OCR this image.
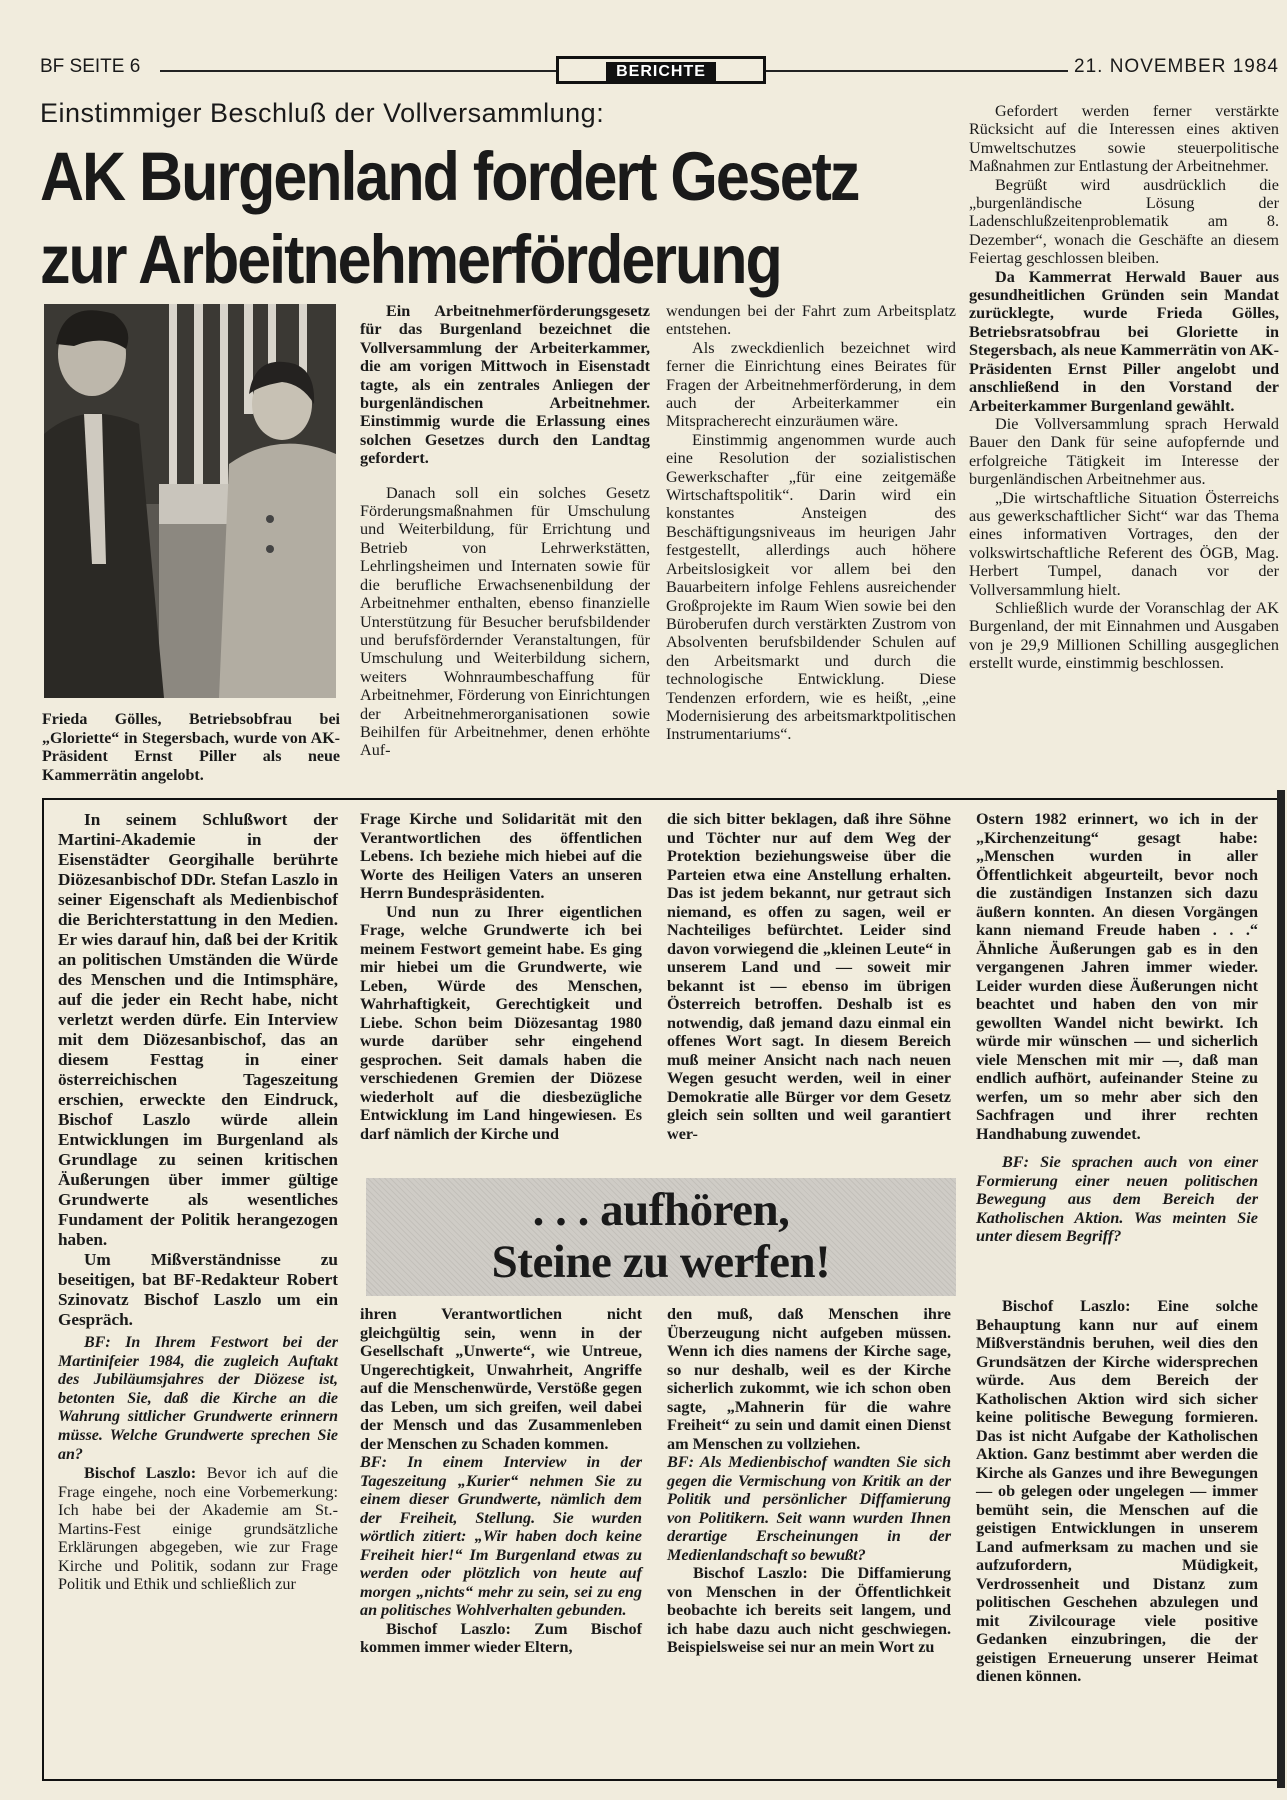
BF SEITE 6	BERICHTE	21. NOVEMBER 1984
Einstimmiger Beschluß der Vollversammlung:
AK Burgenland fordert Gesetz
zur Arbeitnehmerförderung
Frieda Gölles, Betriebsobfrau bei „Gloriette“ in Stegersbach, wurde von AK-Präsident Ernst Piller als neue Kammerrätin angelobt.

Ein Arbeitnehmerförderungsgesetz für das Burgenland bezeichnet die Vollversammlung der Arbeiterkammer, die am vorigen Mittwoch in Eisenstadt tagte, als ein zentrales Anliegen der burgenländischen Arbeitnehmer. Einstimmig wurde die Erlassung eines solchen Gesetzes durch den Landtag gefordert.

Danach soll ein solches Gesetz Förderungsmaßnahmen für Umschulung und Weiterbildung, für Errichtung und Betrieb von Lehrwerkstätten, Lehrlingsheimen und Internaten sowie für die berufliche Erwachsenenbildung der Arbeitnehmer enthalten, ebenso finanzielle Unterstützung für Besucher berufsbildender und berufsfördernder Veranstaltungen, für Umschulung und Weiterbildung sichern, weiters Wohnraumbeschaffung für Arbeitnehmer, Förderung von Einrichtungen der Arbeitnehmerorganisationen sowie Beihilfen für Arbeitnehmer, denen erhöhte Auf-

wendungen bei der Fahrt zum Arbeitsplatz entstehen.

Als zweckdienlich bezeichnet wird ferner die Einrichtung eines Beirates für Fragen der Arbeitnehmerförderung, in dem auch der Arbeiterkammer ein Mitspracherecht einzuräumen wäre.

Einstimmig angenommen wurde auch eine Resolution der sozialistischen Gewerkschafter „für eine zeitgemäße Wirtschaftspolitik“. Darin wird ein konstantes Ansteigen des Beschäftigungsniveaus im heurigen Jahr festgestellt, allerdings auch höhere Arbeitslosigkeit vor allem bei den Bauarbeitern infolge Fehlens ausreichender Großprojekte im Raum Wien sowie bei den Büroberufen durch verstärkten Zustrom von Absolventen berufsbildender Schulen auf den Arbeitsmarkt und durch die technologische Entwicklung. Diese Tendenzen erfordern, wie es heißt, „eine Modernisierung des arbeitsmarktpolitischen Instrumentariums“.

Gefordert werden ferner verstärkte Rücksicht auf die Interessen eines aktiven Umweltschutzes sowie steuerpolitische Maßnahmen zur Entlastung der Arbeitnehmer.

Begrüßt wird ausdrücklich die „burgenländische Lösung der Ladenschlußzeitenproblematik am 8. Dezember“, wonach die Geschäfte an diesem Feiertag geschlossen bleiben.

Da Kammerrat Herwald Bauer aus gesundheitlichen Gründen sein Mandat zurücklegte, wurde Frieda Gölles, Betriebsratsobfrau bei Gloriette in Stegersbach, als neue Kammerrätin von AK-Präsidenten Ernst Piller angelobt und anschließend in den Vorstand der Arbeiterkammer Burgenland gewählt.

Die Vollversammlung sprach Herwald Bauer den Dank für seine aufopfernde und erfolgreiche Tätigkeit im Interesse der burgenländischen Arbeitnehmer aus.

„Die wirtschaftliche Situation Österreichs aus gewerkschaftlicher Sicht“ war das Thema eines informativen Vortrages, den der volkswirtschaftliche Referent des ÖGB, Mag. Herbert Tumpel, danach vor der Vollversammlung hielt.

Schließlich wurde der Voranschlag der AK Burgenland, der mit Einnahmen und Ausgaben von je 29,9 Millionen Schilling ausgeglichen erstellt wurde, einstimmig beschlossen.

In seinem Schlußwort der Martini-Akademie in der Eisenstädter Georgihalle berührte Diözesanbischof DDr. Stefan Laszlo in seiner Eigenschaft als Medienbischof die Berichterstattung in den Medien. Er wies darauf hin, daß bei der Kritik an politischen Umständen die Würde des Menschen und die Intimsphäre, auf die jeder ein Recht habe, nicht verletzt werden dürfe. Ein Interview mit dem Diözesanbischof, das an diesem Festtag in einer österreichischen Tageszeitung erschien, erweckte den Eindruck, Bischof Laszlo würde allein Entwicklungen im Burgenland als Grundlage zu seinen kritischen Äußerungen über immer gültige Grundwerte als wesentliches Fundament der Politik herangezogen haben.

Um Mißverständnisse zu beseitigen, bat BF-Redakteur Robert Szinovatz Bischof Laszlo um ein Gespräch.

BF: In Ihrem Festwort bei der Martinifeier 1984, die zugleich Auftakt des Jubiläumsjahres der Diözese ist, betonten Sie, daß die Kirche an die Wahrung sittlicher Grundwerte erinnern müsse. Welche Grundwerte sprechen Sie an?

Bischof Laszlo: Bevor ich auf die Frage eingehe, noch eine Vorbemerkung: Ich habe bei der Akademie am St.-Martins-Fest einige grundsätzliche Erklärungen abgegeben, wie zur Frage Kirche und Politik, sodann zur Frage Politik und Ethik und schließlich zur

Frage Kirche und Solidarität mit den Verantwortlichen des öffentlichen Lebens. Ich beziehe mich hiebei auf die Worte des Heiligen Vaters an unseren Herrn Bundespräsidenten.

Und nun zu Ihrer eigentlichen Frage, welche Grundwerte ich bei meinem Festwort gemeint habe. Es ging mir hiebei um die Grundwerte, wie Leben, Würde des Menschen, Wahrhaftigkeit, Gerechtigkeit und Liebe. Schon beim Diözesantag 1980 wurde darüber sehr eingehend gesprochen. Seit damals haben die verschiedenen Gremien der Diözese wiederholt auf die diesbezügliche Entwicklung im Land hingewiesen. Es darf nämlich der Kirche und

die sich bitter beklagen, daß ihre Söhne und Töchter nur auf dem Weg der Protektion beziehungsweise über die Parteien etwa eine Anstellung erhalten. Das ist jedem bekannt, nur getraut sich niemand, es offen zu sagen, weil er Nachteiliges befürchtet. Leider sind davon vorwiegend die „kleinen Leute“ in unserem Land und — soweit mir bekannt ist — ebenso im übrigen Österreich betroffen. Deshalb ist es notwendig, daß jemand dazu einmal ein offenes Wort sagt. In diesem Bereich muß meiner Ansicht nach nach neuen Wegen gesucht werden, weil in einer Demokratie alle Bürger vor dem Gesetz gleich sein sollten und weil garantiert wer-

Ostern 1982 erinnert, wo ich in der „Kirchenzeitung“ gesagt habe: „Menschen wurden in aller Öffentlichkeit abgeurteilt, bevor noch die zuständigen Instanzen sich dazu äußern konnten. An diesen Vorgängen kann niemand Freude haben . . .“ Ähnliche Äußerungen gab es in den vergangenen Jahren immer wieder. Leider wurden diese Äußerungen nicht beachtet und haben den von mir gewollten Wandel nicht bewirkt. Ich würde mir wünschen — und sicherlich viele Menschen mit mir —, daß man endlich aufhört, aufeinander Steine zu werfen, um so mehr aber sich den Sachfragen und ihrer rechten Handhabung zuwendet.

BF: Sie sprachen auch von einer Formierung einer neuen politischen Bewegung aus dem Bereich der Katholischen Aktion. Was meinten Sie unter diesem Begriff?

. . . aufhören,
Steine zu werfen!

ihren Verantwortlichen nicht gleichgültig sein, wenn in der Gesellschaft „Unwerte“, wie Untreue, Ungerechtigkeit, Unwahrheit, Angriffe auf die Menschenwürde, Verstöße gegen das Leben, um sich greifen, weil dabei der Mensch und das Zusammenleben der Menschen zu Schaden kommen.

BF: In einem Interview in der Tageszeitung „Kurier“ nehmen Sie zu einem dieser Grundwerte, nämlich dem der Freiheit, Stellung. Sie wurden wörtlich zitiert: „Wir haben doch keine Freiheit hier!“ Im Burgenland etwas zu werden oder plötzlich von heute auf morgen „nichts“ mehr zu sein, sei zu eng an politisches Wohlverhalten gebunden.

Bischof Laszlo: Zum Bischof kommen immer wieder Eltern,

den muß, daß Menschen ihre Überzeugung nicht aufgeben müssen. Wenn ich dies namens der Kirche sage, so nur deshalb, weil es der Kirche sicherlich zukommt, wie ich schon oben sagte, „Mahnerin für die wahre Freiheit“ zu sein und damit einen Dienst am Menschen zu vollziehen.

BF: Als Medienbischof wandten Sie sich gegen die Vermischung von Kritik an der Politik und persönlicher Diffamierung von Politikern. Seit wann wurden Ihnen derartige Erscheinungen in der Medienlandschaft so bewußt?

Bischof Laszlo: Die Diffamierung von Menschen in der Öffentlichkeit beobachte ich bereits seit langem, und ich habe dazu auch nicht geschwiegen. Beispielsweise sei nur an mein Wort zu

Bischof Laszlo: Eine solche Behauptung kann nur auf einem Mißverständnis beruhen, weil dies den Grundsätzen der Kirche widersprechen würde. Aus dem Bereich der Katholischen Aktion wird sich sicher keine politische Bewegung formieren. Das ist nicht Aufgabe der Katholischen Aktion. Ganz bestimmt aber werden die Kirche als Ganzes und ihre Bewegungen — ob gelegen oder ungelegen — immer bemüht sein, die Menschen auf die geistigen Entwicklungen in unserem Land aufmerksam zu machen und sie aufzufordern, Müdigkeit, Verdrossenheit und Distanz zum politischen Geschehen abzulegen und mit Zivilcourage viele positive Gedanken einzubringen, die der geistigen Erneuerung unserer Heimat dienen können.
